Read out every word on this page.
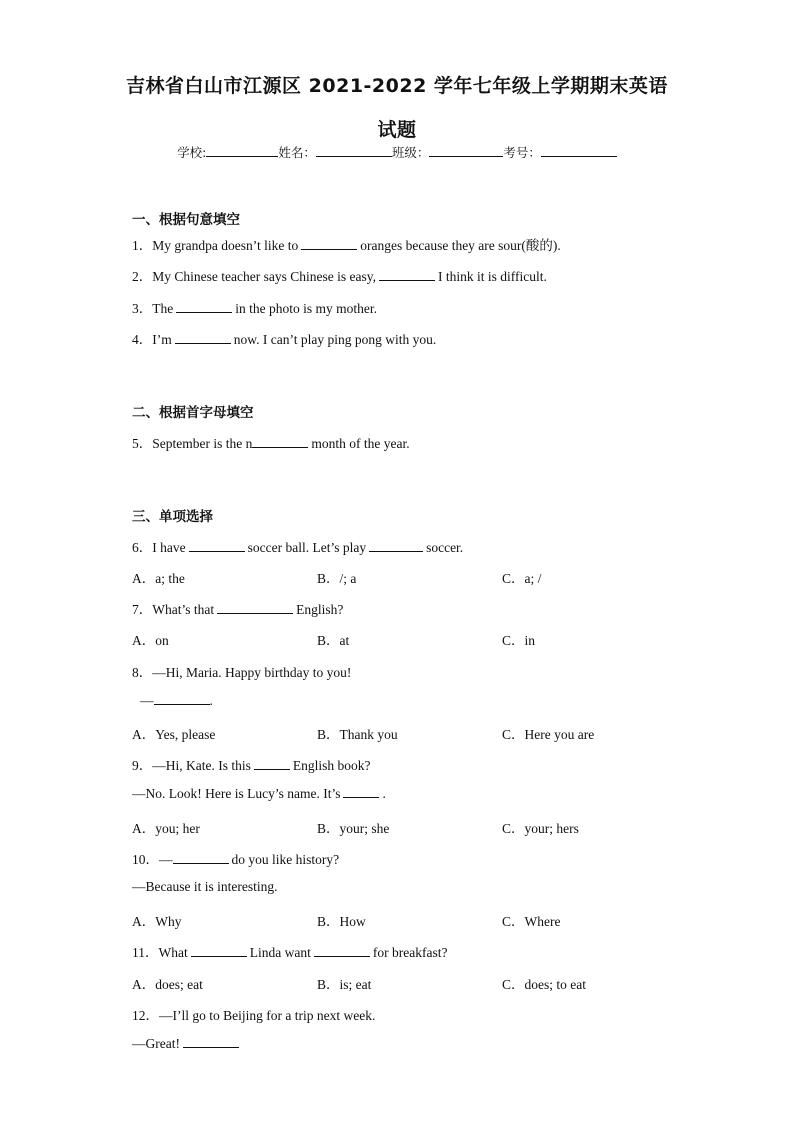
吉林省白山市江源区 2021-2022 学年七年级上学期期末英语
试题
学校:	姓名：	班级：	考号：
一、根据句意填空
1．My grandpa doesn’t like to	oranges because they are sour(酸的).
2．My Chinese teacher says Chinese is easy,	I think it is difficult.
3．The	in the photo is my mother.
4．I’m	now. I can’t play ping pong with you.
二、根据首字母填空
5．September is the n	month of the year.
三、单项选择
6．I have	soccer ball. Let’s play	soccer.
A．a; the	B．/; a	C．a; /
7．What’s that	English?
A．on	B．at	C．in
8．—Hi, Maria. Happy birthday to you!
—	.
A．Yes, please	B．Thank you	C．Here you are
9．—Hi, Kate. Is this	English book?
—No. Look! Here is Lucy’s name. It’s	.
A．you; her	B．your; she	C．your; hers
10．—	do you like history?
—Because it is interesting.
A．Why	B．How	C．Where
11．What	Linda want	for breakfast?
A．does; eat	B．is; eat	C．does; to eat
12．—I’ll go to Beijing for a trip next week.
—Great!
